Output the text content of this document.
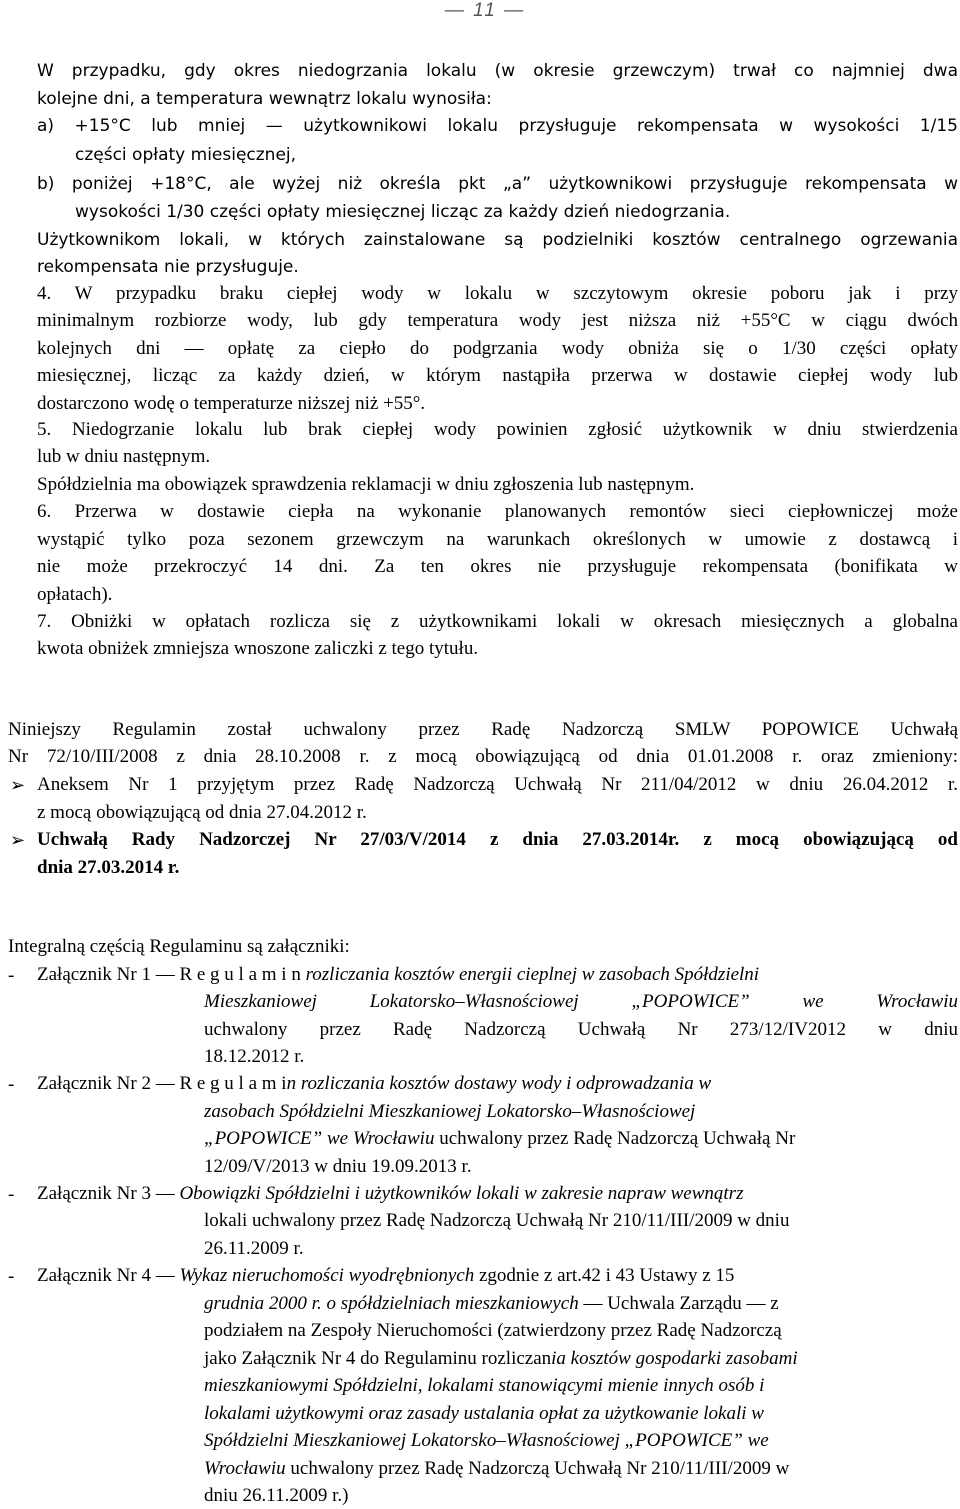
— 11 —
W przypadku, gdy okres niedogrzania lokalu (w okresie grzewczym) trwał co najmniej dwa
kolejne dni, a temperatura wewnątrz lokalu wynosiła:
a) +15°C lub mniej — użytkownikowi lokalu przysługuje rekompensata w wysokości 1/15
części opłaty miesięcznej,
b) poniżej +18°C, ale wyżej niż określa pkt „a” użytkownikowi przysługuje rekompensata w
wysokości 1/30 części opłaty miesięcznej licząc za każdy dzień niedogrzania.
Użytkownikom lokali, w których zainstalowane są podzielniki kosztów centralnego ogrzewania
rekompensata nie przysługuje.
4. W przypadku braku ciepłej wody w lokalu w szczytowym okresie poboru jak i przy
minimalnym rozbiorze wody, lub gdy temperatura wody jest niższa niż +55°C w ciągu dwóch
kolejnych dni — opłatę za ciepło do podgrzania wody obniża się o 1/30 części opłaty
miesięcznej, licząc za każdy dzień, w którym nastąpiła przerwa w dostawie ciepłej wody lub
dostarczono wodę o temperaturze niższej niż +55°.
5. Niedogrzanie lokalu lub brak ciepłej wody powinien zgłosić użytkownik w dniu stwierdzenia
lub w dniu następnym.
Spółdzielnia ma obowiązek sprawdzenia reklamacji w dniu zgłoszenia lub następnym.
6. Przerwa w dostawie ciepła na wykonanie planowanych remontów sieci ciepłowniczej może
wystąpić tylko poza sezonem grzewczym na warunkach określonych w umowie z dostawcą i
nie może przekroczyć 14 dni. Za ten okres nie przysługuje rekompensata (bonifikata w
opłatach).
7. Obniżki w opłatach rozlicza się z użytkownikami lokali w okresach miesięcznych a globalna
kwota obniżek zmniejsza wnoszone zaliczki z tego tytułu.
Niniejszy Regulamin został uchwalony przez Radę Nadzorczą SMLW POPOWICE Uchwałą
Nr 72/10/III/2008 z dnia 28.10.2008 r. z mocą obowiązującą od dnia 01.01.2008 r. oraz zmieniony:
➢ Aneksem Nr 1 przyjętym przez Radę Nadzorczą Uchwałą Nr 211/04/2012 w dniu 26.04.2012 r.
z mocą obowiązującą od dnia 27.04.2012 r.
➢ Uchwałą Rady Nadzorczej Nr 27/03/V/2014 z dnia 27.03.2014r. z mocą obowiązującą od
dnia 27.03.2014 r.
Integralną częścią Regulaminu są załączniki:
- Załącznik Nr 1 — R e g u l a m i n rozliczania kosztów energii cieplnej w zasobach Spółdzielni
Mieszkaniowej Lokatorsko–Własnościowej „POPOWICE” we Wrocławiu
uchwalony przez Radę Nadzorczą Uchwałą Nr 273/12/IV2012 w dniu
18.12.2012 r.
- Załącznik Nr 2 — R e g u l a m in rozliczania kosztów dostawy wody i odprowadzania w
zasobach Spółdzielni Mieszkaniowej Lokatorsko–Własnościowej
„POPOWICE” we Wrocławiu uchwalony przez Radę Nadzorczą Uchwałą Nr
12/09/V/2013 w dniu 19.09.2013 r.
- Załącznik Nr 3 — Obowiązki Spółdzielni i użytkowników lokali w zakresie napraw wewnątrz
lokali uchwalony przez Radę Nadzorczą Uchwałą Nr 210/11/III/2009 w dniu
26.11.2009 r.
- Załącznik Nr 4 — Wykaz nieruchomości wyodrębnionych zgodnie z art.42 i 43 Ustawy z 15
grudnia 2000 r. o spółdzielniach mieszkaniowych — Uchwala Zarządu — z
podziałem na Zespoły Nieruchomości (zatwierdzony przez Radę Nadzorczą
jako Załącznik Nr 4 do Regulaminu rozliczania kosztów gospodarki zasobami
mieszkaniowymi Spółdzielni, lokalami stanowiącymi mienie innych osób i
lokalami użytkowymi oraz zasady ustalania opłat za użytkowanie lokali w
Spółdzielni Mieszkaniowej Lokatorsko–Własnościowej „POPOWICE” we
Wrocławiu uchwalony przez Radę Nadzorczą Uchwałą Nr 210/11/III/2009 w
dniu 26.11.2009 r.)
